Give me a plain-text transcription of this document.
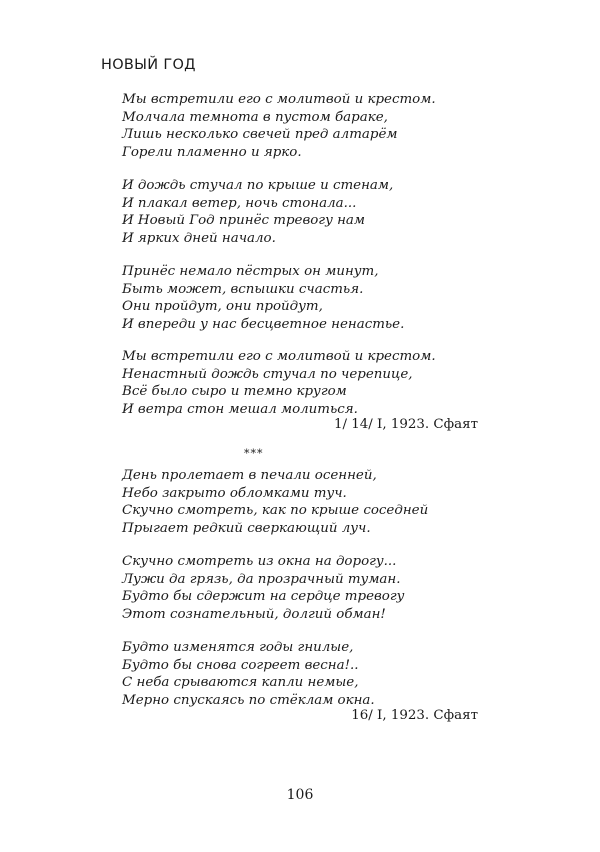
НОВЫЙ ГОД
Мы встретили его с молитвой и крестом.
Молчала темнота в пустом бараке,
Лишь несколько свечей пред алтарём
Горели пламенно и ярко.
И дождь стучал по крыше и стенам,
И плакал ветер, ночь стонала...
И Новый Год принёс тревогу нам
И ярких дней начало.
Принёс немало пёстрых он минут,
Быть может, вспышки счастья.
Они пройдут, они пройдут,
И впереди у нас бесцветное ненастье.
Мы встретили его с молитвой и крестом.
Ненастный дождь стучал по черепице,
Всё было сыро и темно кругом
И ветра стон мешал молиться.
1/ 14/ I, 1923. Сфаят
***
День пролетает в печали осенней,
Небо закрыто обломками туч.
Скучно смотреть, как по крыше соседней
Прыгает редкий сверкающий луч.
Скучно смотреть из окна на дорогу...
Лужи да грязь, да прозрачный туман.
Будто бы сдержит на сердце тревогу
Этот сознательный, долгий обман!
Будто изменятся годы гнилые,
Будто бы снова согреет весна!..
С неба срываются капли немые,
Мерно спускаясь по стёклам окна.
16/ I, 1923. Сфаят
106
